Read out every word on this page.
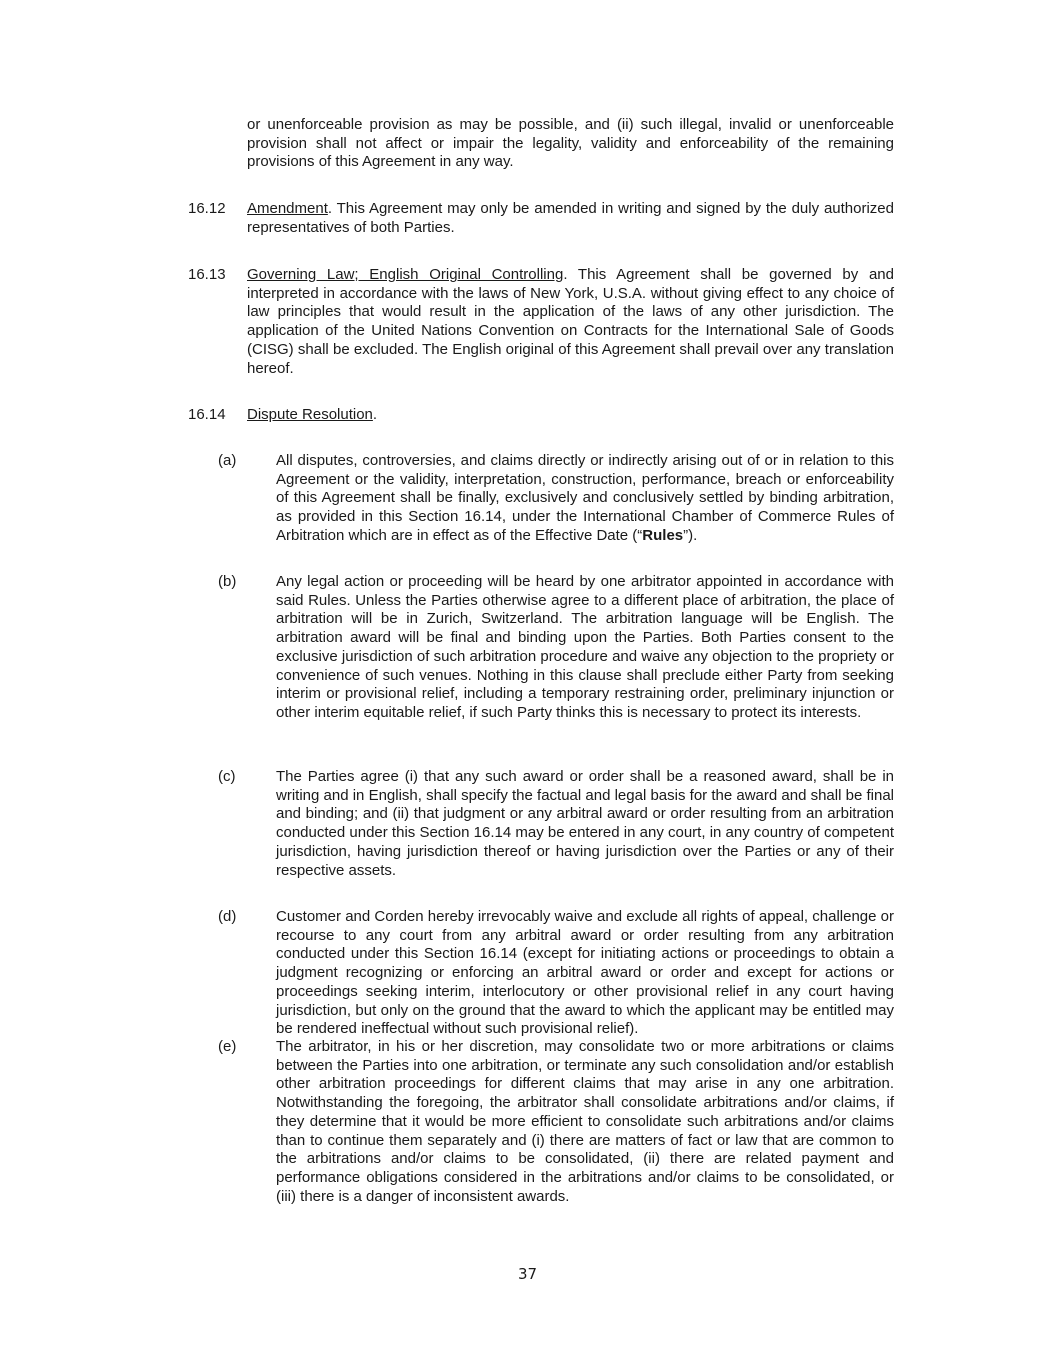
or unenforceable provision as may be possible, and (ii) such illegal, invalid or unenforceable provision shall not affect or impair the legality, validity and enforceability of the remaining provisions of this Agreement in any way.

16.12 Amendment. This Agreement may only be amended in writing and signed by the duly authorized representatives of both Parties.

16.13 Governing Law; English Original Controlling. This Agreement shall be governed by and interpreted in accordance with the laws of New York, U.S.A. without giving effect to any choice of law principles that would result in the application of the laws of any other jurisdiction. The application of the United Nations Convention on Contracts for the International Sale of Goods (CISG) shall be excluded. The English original of this Agreement shall prevail over any translation hereof.

16.14 Dispute Resolution.

(a)	All disputes, controversies, and claims directly or indirectly arising out of or in relation to this Agreement or the validity, interpretation, construction, performance, breach or enforceability of this Agreement shall be finally, exclusively and conclusively settled by binding arbitration, as provided in this Section 16.14, under the International Chamber of Commerce Rules of Arbitration which are in effect as of the Effective Date (“Rules”).

(b)	Any legal action or proceeding will be heard by one arbitrator appointed in accordance with said Rules. Unless the Parties otherwise agree to a different place of arbitration, the place of arbitration will be in Zurich, Switzerland. The arbitration language will be English. The arbitration award will be final and binding upon the Parties. Both Parties consent to the exclusive jurisdiction of such arbitration procedure and waive any objection to the propriety or convenience of such venues. Nothing in this clause shall preclude either Party from seeking interim or provisional relief, including a temporary restraining order, preliminary injunction or other interim equitable relief, if such Party thinks this is necessary to protect its interests.

(c)	The Parties agree (i) that any such award or order shall be a reasoned award, shall be in writing and in English, shall specify the factual and legal basis for the award and shall be final and binding; and (ii) that judgment or any arbitral award or order resulting from an arbitration conducted under this Section 16.14 may be entered in any court, in any country of competent jurisdiction, having jurisdiction thereof or having jurisdiction over the Parties or any of their respective assets.

(d)	Customer and Corden hereby irrevocably waive and exclude all rights of appeal, challenge or recourse to any court from any arbitral award or order resulting from any arbitration conducted under this Section 16.14 (except for initiating actions or proceedings to obtain a judgment recognizing or enforcing an arbitral award or order and except for actions or proceedings seeking interim, interlocutory or other provisional relief in any court having jurisdiction, but only on the ground that the award to which the applicant may be entitled may be rendered ineffectual without such provisional relief).

(e)	The arbitrator, in his or her discretion, may consolidate two or more arbitrations or claims between the Parties into one arbitration, or terminate any such consolidation and/or establish other arbitration proceedings for different claims that may arise in any one arbitration. Notwithstanding the foregoing, the arbitrator shall consolidate arbitrations and/or claims, if they determine that it would be more efficient to consolidate such arbitrations and/or claims than to continue them separately and (i) there are matters of fact or law that are common to the arbitrations and/or claims to be consolidated, (ii) there are related payment and performance obligations considered in the arbitrations and/or claims to be consolidated, or (iii) there is a danger of inconsistent awards.

37
